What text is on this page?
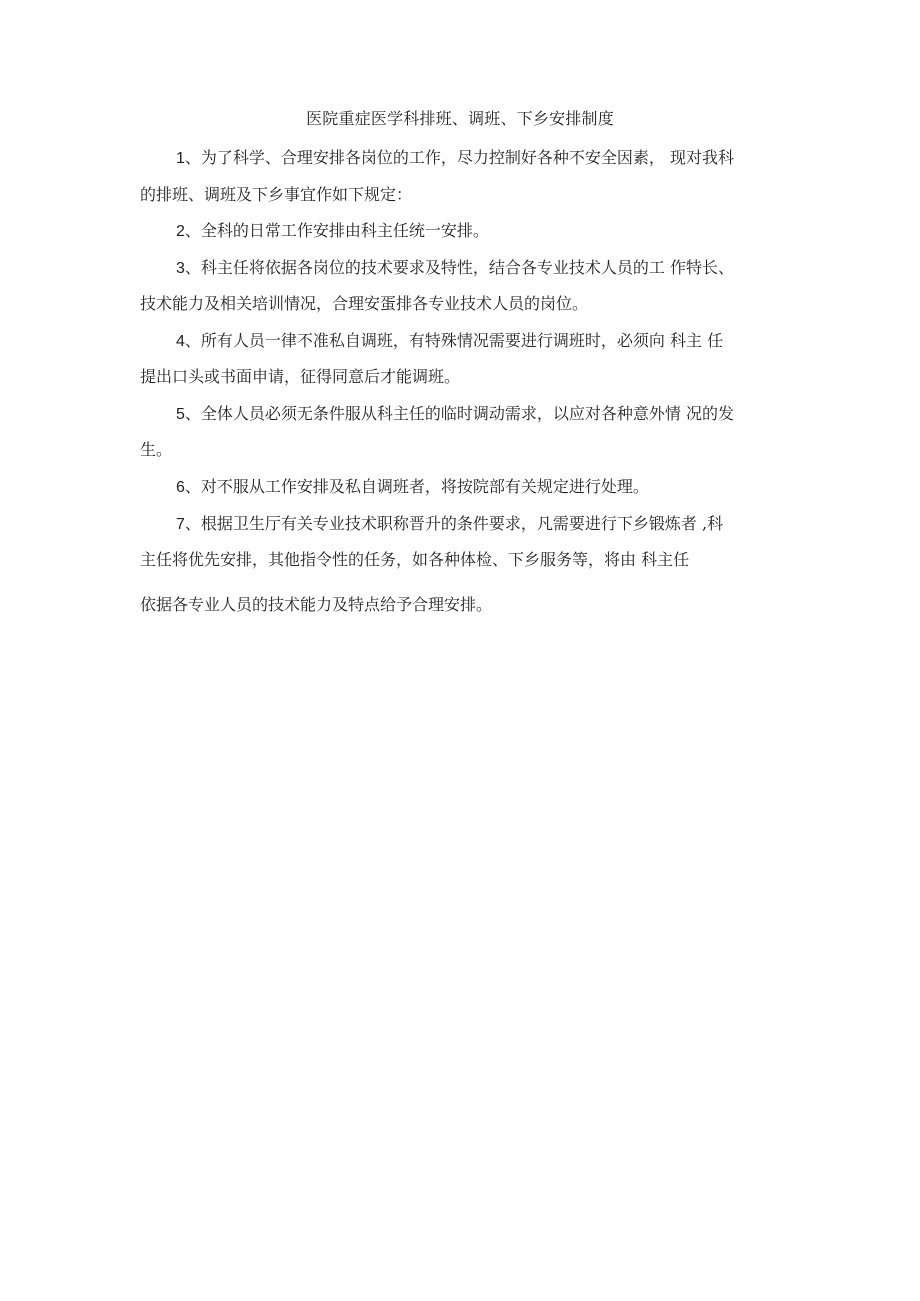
医院重症医学科排班、调班、下乡安排制度
1、为了科学、合理安排各岗位的工作，尽力控制好各种不安全因素， 现对我科
的排班、调班及下乡事宜作如下规定：
2、全科的日常工作安排由科主任统一安排。
3、科主任将依据各岗位的技术要求及特性，结合各专业技术人员的工 作特长、
技术能力及相关培训情况，合理安蛋排各专业技术人员的岗位。
4、所有人员一律不准私自调班，有特殊情况需要进行调班时，必须向 科主 任
提出口头或书面申请，征得同意后才能调班。
5、全体人员必须无条件服从科主任的临时调动需求，以应对各种意外情 况的发
生。
6、对不服从工作安排及私自调班者，将按院部有关规定进行处理。
7、根据卫生厅有关专业技术职称晋升的条件要求，凡需要进行下乡锻炼者 ,科
主任将优先安排，其他指令性的任务，如各种体检、下乡服务等，将由 科主任
依据各专业人员的技术能力及特点给予合理安排。
